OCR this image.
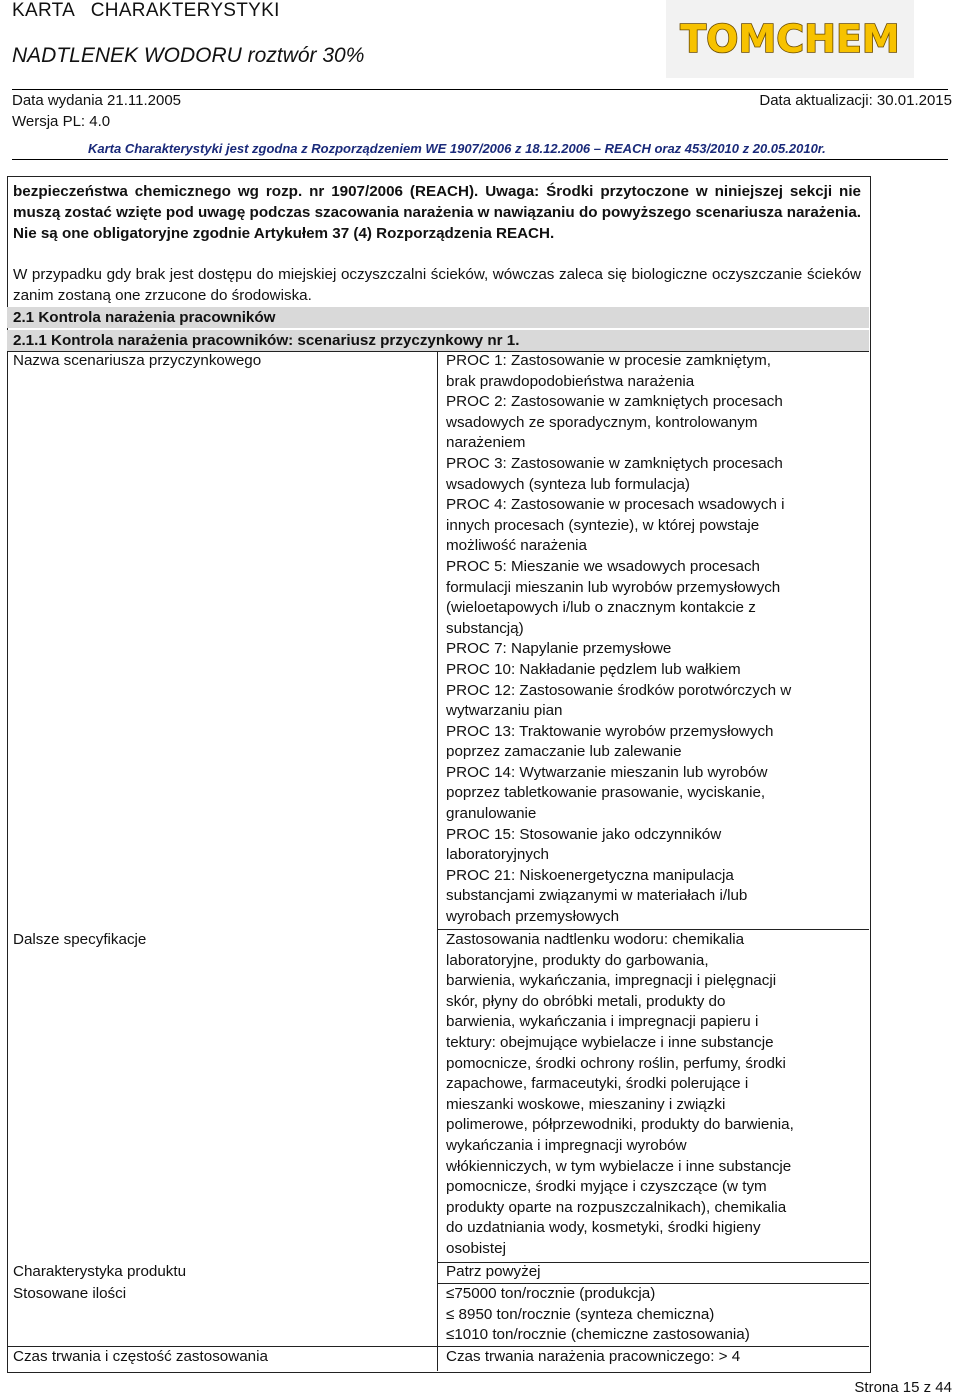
KARTA   CHARAKTERYSTYKI
NADTLENEK WODORU roztwór 30%
Data wydania 21.11.2005
Wersja PL: 4.0
Data aktualizacji: 30.01.2015
Karta Charakterystyki jest zgodna z Rozporządzeniem WE 1907/2006 z 18.12.2006 – REACH oraz 453/2010 z 20.05.2010r.
TOMCHEM
bezpieczeństwa chemicznego wg rozp. nr 1907/2006 (REACH). Uwaga: Środki przytoczone w niniejszej sekcji nie muszą zostać wzięte pod uwagę podczas szacowania narażenia w nawiązaniu do powyższego scenariusza narażenia. Nie są one obligatoryjne zgodnie Artykułem 37 (4) Rozporządzenia REACH.
W przypadku gdy brak jest dostępu do miejskiej oczyszczalni ścieków, wówczas zaleca się biologiczne oczyszczanie ścieków zanim zostaną one zrzucone do środowiska.
2.1 Kontrola narażenia pracowników
2.1.1 Kontrola narażenia pracowników: scenariusz przyczynkowy nr 1.
Nazwa scenariusza przyczynkowego	PROC 1: Zastosowanie w procesie zamkniętym,
brak prawdopodobieństwa narażenia
PROC 2: Zastosowanie w zamkniętych procesach
wsadowych ze sporadycznym, kontrolowanym
narażeniem
PROC 3: Zastosowanie w zamkniętych procesach
wsadowych (synteza lub formulacja)
PROC 4: Zastosowanie w procesach wsadowych i
innych procesach (syntezie), w której powstaje
możliwość narażenia
PROC 5: Mieszanie we wsadowych procesach
formulacji mieszanin lub wyrobów przemysłowych
(wieloetapowych i/lub o znacznym kontakcie z
substancją)
PROC 7: Napylanie przemysłowe
PROC 10: Nakładanie pędzlem lub wałkiem
PROC 12: Zastosowanie środków porotwórczych w
wytwarzaniu pian
PROC 13: Traktowanie wyrobów przemysłowych
poprzez zamaczanie lub zalewanie
PROC 14: Wytwarzanie mieszanin lub wyrobów
poprzez tabletkowanie prasowanie, wyciskanie,
granulowanie
PROC 15: Stosowanie jako odczynników
laboratoryjnych
PROC 21: Niskoenergetyczna manipulacja
substancjami związanymi w materiałach i/lub
wyrobach przemysłowych
Dalsze specyfikacje	Zastosowania nadtlenku wodoru: chemikalia
laboratoryjne, produkty do garbowania,
barwienia, wykańczania, impregnacji i pielęgnacji
skór, płyny do obróbki metali, produkty do
barwienia, wykańczania i impregnacji papieru i
tektury: obejmujące wybielacze i inne substancje
pomocnicze, środki ochrony roślin, perfumy, środki
zapachowe, farmaceutyki, środki polerujące i
mieszanki woskowe, mieszaniny i związki
polimerowe, półprzewodniki, produkty do barwienia,
wykańczania i impregnacji wyrobów
włókienniczych, w tym wybielacze i inne substancje
pomocnicze, środki myjące i czyszczące (w tym
produkty oparte na rozpuszczalnikach), chemikalia
do uzdatniania wody, kosmetyki, środki higieny
osobistej
Charakterystyka produktu	Patrz powyżej
Stosowane ilości	≤75000 ton/rocznie (produkcja)
≤ 8950 ton/rocznie (synteza chemiczna)
≤1010 ton/rocznie (chemiczne zastosowania)
Czas trwania i częstość zastosowania	Czas trwania narażenia pracowniczego: > 4
Strona 15 z 44
